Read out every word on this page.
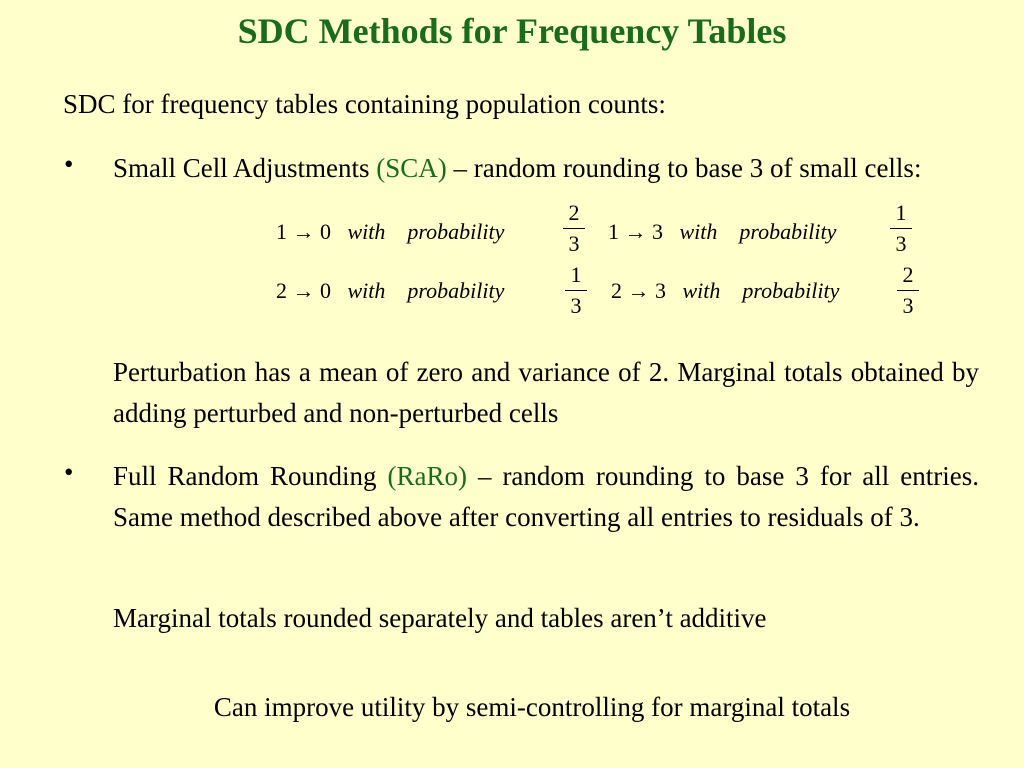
SDC Methods for Frequency Tables
SDC for frequency tables containing population counts:
• Small Cell Adjustments (SCA) – random rounding to base 3 of small cells:
1 → 0 with probability
2
3 1 → 3 with probability
1
3
2 → 0 with probability
1
3
2 → 3 with probability
2
3
Perturbation has a mean of zero and variance of 2. Marginal totals obtained by adding perturbed and non-perturbed cells
• Full Random Rounding (RaRo) – random rounding to base 3 for all entries. Same method described above after converting all entries to residuals of 3.
Marginal totals rounded separately and tables aren’t additive
Can improve utility by semi-controlling for marginal totals
